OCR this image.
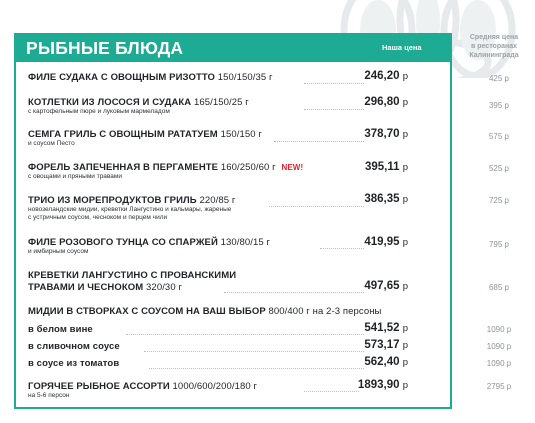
РЫБНЫЕ БЛЮДА	Наша цена
Средняя цена
в ресторанах
Калининграда
ФИЛЕ СУДАКА С ОВОЩНЫМ РИЗОТТО 150/150/35 г	246,20 р	425 р
КОТЛЕТКИ ИЗ ЛОСОСЯ И СУДАКА 165/150/25 г
с картофельным пюре и луковым мармеладом
296,80 р	395 р
СЕМГА ГРИЛЬ С ОВОЩНЫМ РАТАТУЕМ 150/150 г
и соусом Песто
378,70 р	575 р
ФОРЕЛЬ ЗАПЕЧЕННАЯ В ПЕРГАМЕНТЕ 160/250/60 г NEW!
с овощами и пряными травами
395,11 р	525 р
ТРИО ИЗ МОРЕПРОДУКТОВ ГРИЛЬ 220/85 г
новозеландские мидии, креветки Лангустино и кальмары, жареные
с устричным соусом, чесноком и перцем чили
386,35 р	725 р
ФИЛЕ РОЗОВОГО ТУНЦА СО СПАРЖЕЙ 130/80/15 г
и имбирным соусом
419,95 р	795 р
КРЕВЕТКИ ЛАНГУСТИНО С ПРОВАНСКИМИ
ТРАВАМИ И ЧЕСНОКОМ 320/30 г	497,65 р	685 р
МИДИИ В СТВОРКАХ С СОУСОМ НА ВАШ ВЫБОР 800/400 г на 2-3 персоны
в белом вине	541,52 р	1090 р
в сливочном соусе	573,17 р	1090 р
в соусе из томатов	562,40 р	1090 р
ГОРЯЧЕЕ РЫБНОЕ АССОРТИ 1000/600/200/180 г
на 5-6 персон
1893,90 р	2795 р
